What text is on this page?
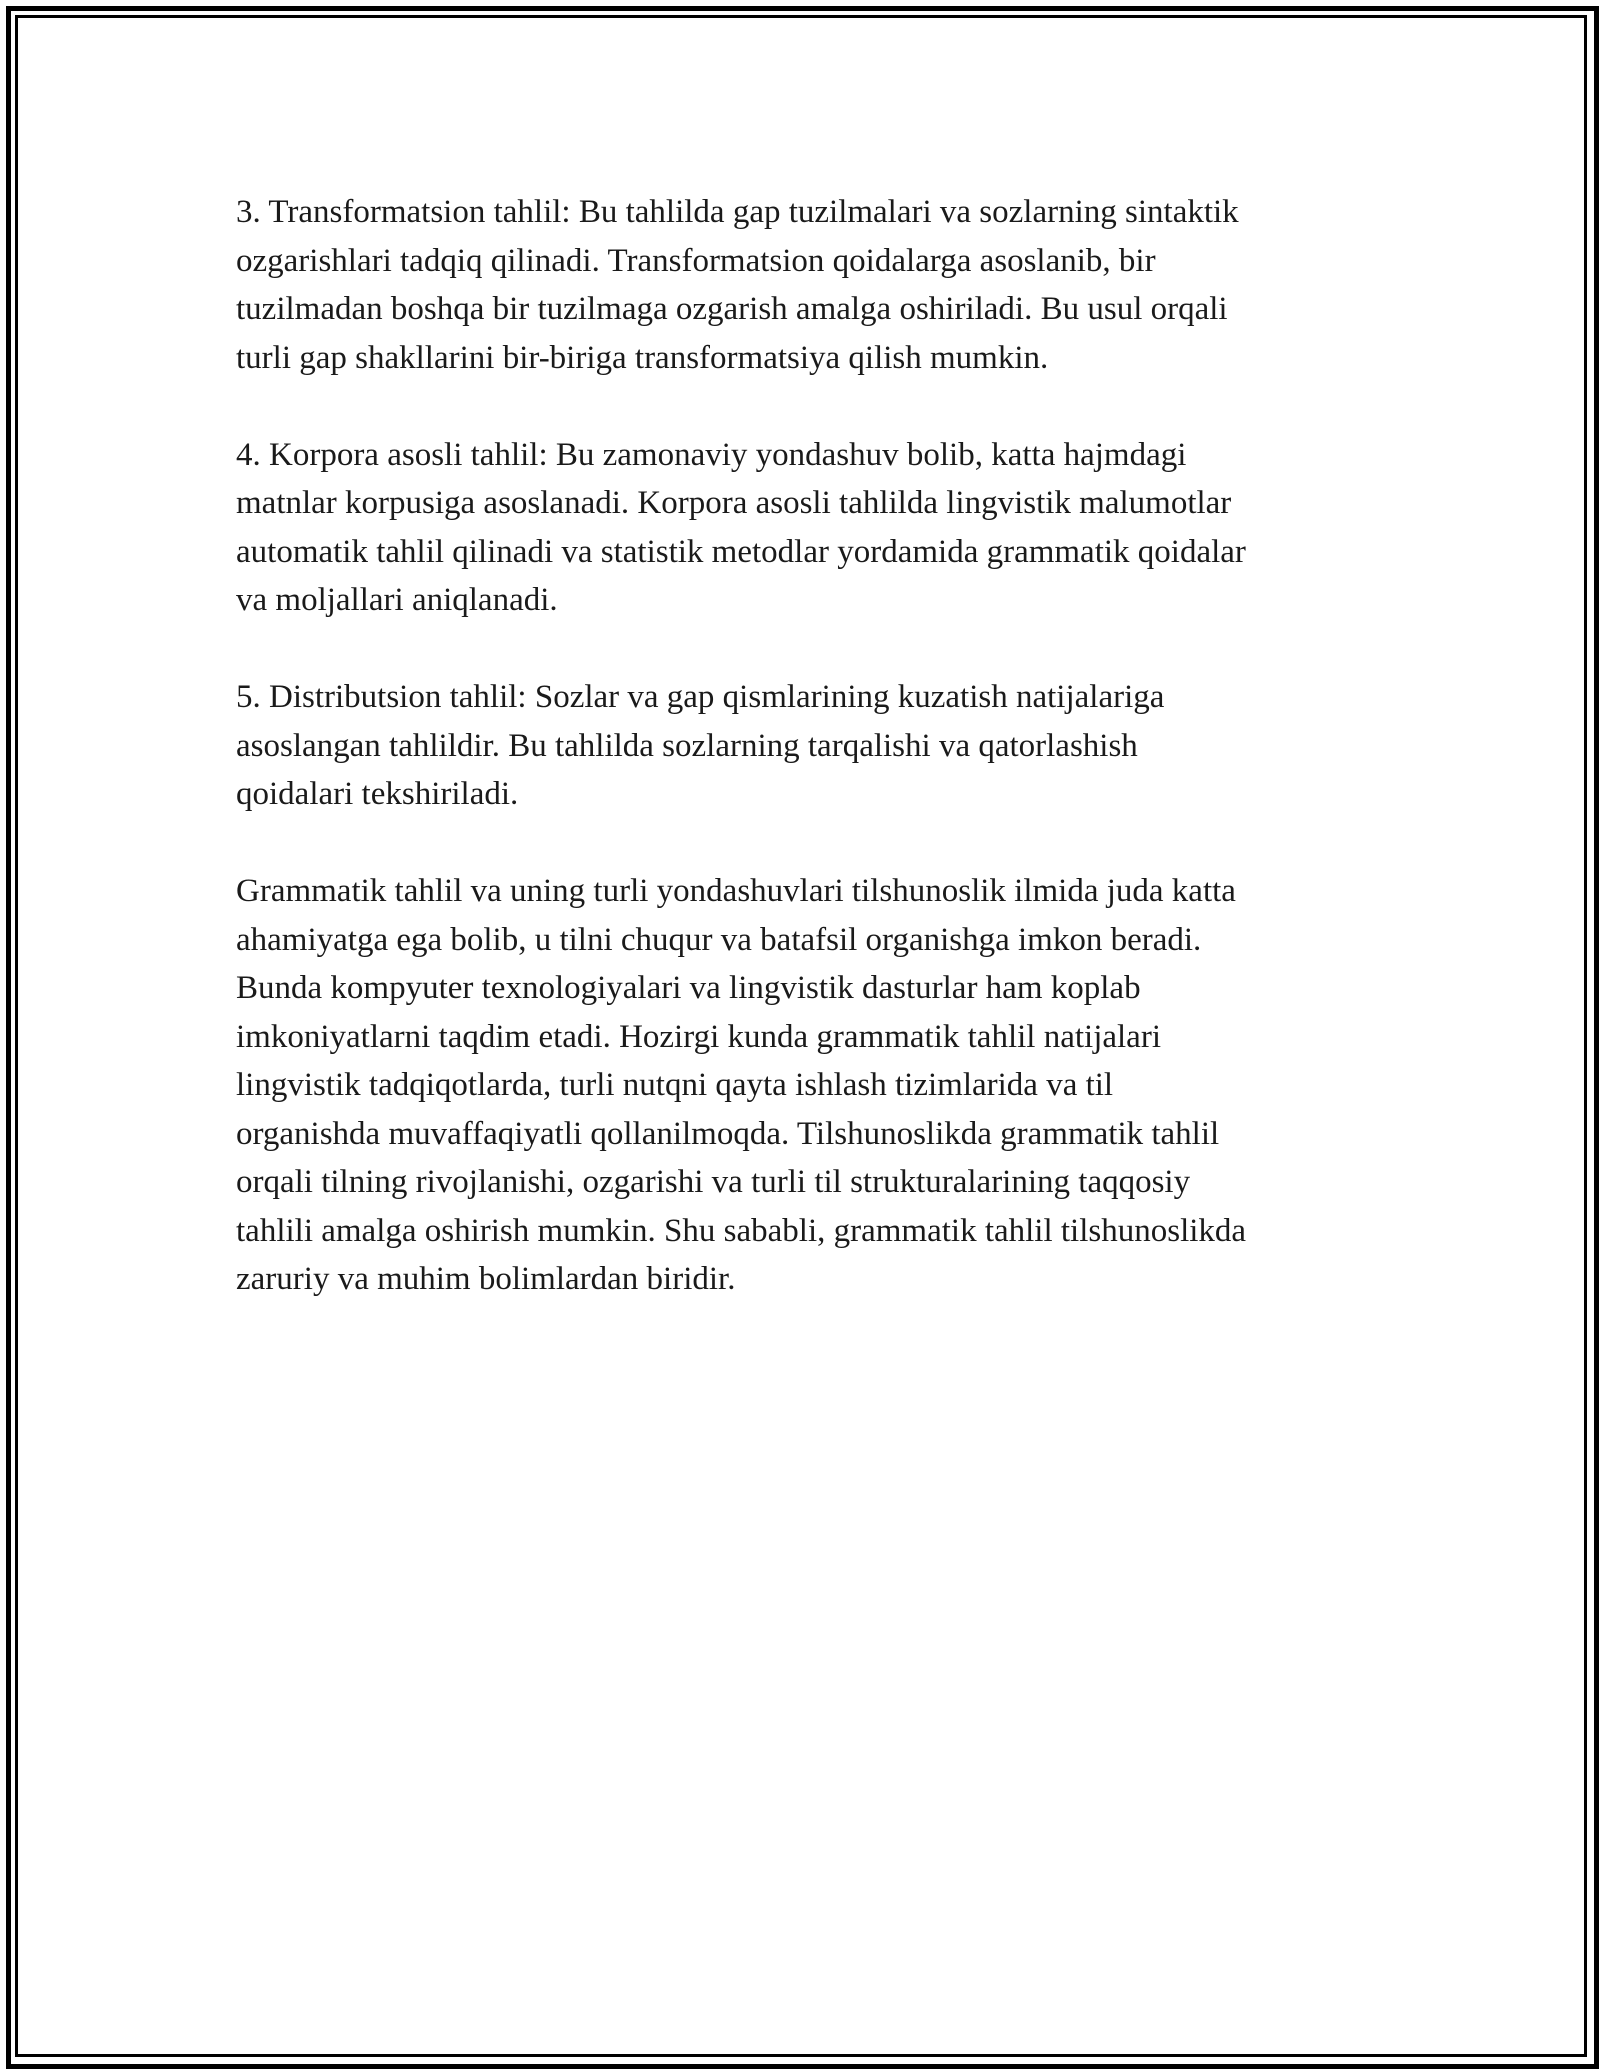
3. Transformatsion tahlil: Bu tahlilda gap tuzilmalari va sozlarning sintaktik
ozgarishlari tadqiq qilinadi. Transformatsion qoidalarga asoslanib, bir
tuzilmadan boshqa bir tuzilmaga ozgarish amalga oshiriladi. Bu usul orqali
turli gap shakllarini bir-biriga transformatsiya qilish mumkin.

4. Korpora asosli tahlil: Bu zamonaviy yondashuv bolib, katta hajmdagi
matnlar korpusiga asoslanadi. Korpora asosli tahlilda lingvistik malumotlar
automatik tahlil qilinadi va statistik metodlar yordamida grammatik qoidalar
va moljallari aniqlanadi.

5. Distributsion tahlil: Sozlar va gap qismlarining kuzatish natijalariga
asoslangan tahlildir. Bu tahlilda sozlarning tarqalishi va qatorlashish
qoidalari tekshiriladi.

Grammatik tahlil va uning turli yondashuvlari tilshunoslik ilmida juda katta
ahamiyatga ega bolib, u tilni chuqur va batafsil organishga imkon beradi.
Bunda kompyuter texnologiyalari va lingvistik dasturlar ham koplab
imkoniyatlarni taqdim etadi. Hozirgi kunda grammatik tahlil natijalari
lingvistik tadqiqotlarda, turli nutqni qayta ishlash tizimlarida va til
organishda muvaffaqiyatli qollanilmoqda. Tilshunoslikda grammatik tahlil
orqali tilning rivojlanishi, ozgarishi va turli til strukturalarining taqqosiy
tahlili amalga oshirish mumkin. Shu sababli, grammatik tahlil tilshunoslikda
zaruriy va muhim bolimlardan biridir.
